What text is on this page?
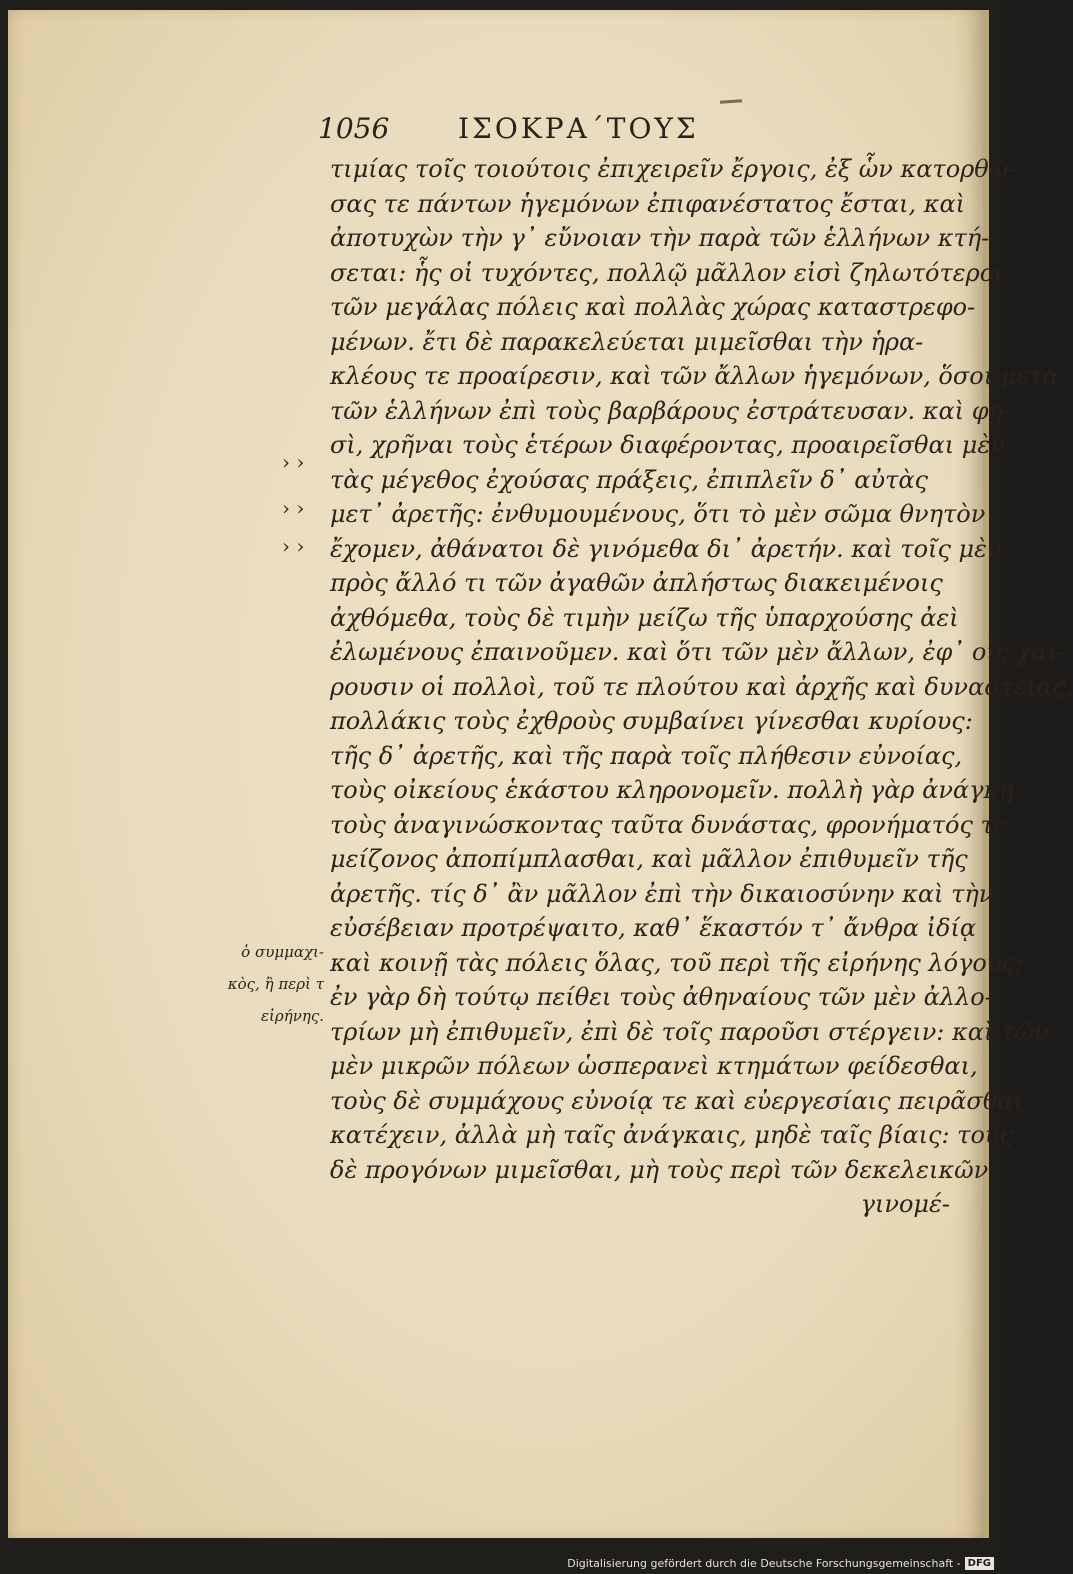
1056 ΙΣΟΚΡΑ΄ΤΟΥΣ
› ›
› ›
› ›
ὁ συμμαχι-
κὸς, ἢ περὶ τ
εἰρήνης.
τιμίας τοῖς τοιούτοις ἐπιχειρεῖν ἔργοις, ἐξ ὧν κατορθώ-
σας τε πάντων ἡγεμόνων ἐπιφανέστατος ἔσται, καὶ
ἀποτυχὼν τὴν γ᾽ εὔνοιαν τὴν παρὰ τῶν ἑλλήνων κτή-
σεται: ἧς οἱ τυχόντες, πολλῷ μᾶλλον εἰσὶ ζηλωτότεροι
τῶν μεγάλας πόλεις καὶ πολλὰς χώρας καταστρεφο-
μένων. ἔτι δὲ παρακελεύεται μιμεῖσθαι τὴν ἡρα-
κλέους τε προαίρεσιν, καὶ τῶν ἄλλων ἡγεμόνων, ὅσοι μετὰ
τῶν ἑλλήνων ἐπὶ τοὺς βαρβάρους ἐστράτευσαν. καὶ φη-
σὶ, χρῆναι τοὺς ἑτέρων διαφέροντας, προαιρεῖσθαι μὲν
τὰς μέγεθος ἐχούσας πράξεις, ἐπιπλεῖν δ᾽ αὐτὰς
μετ᾽ ἀρετῆς: ἐνθυμουμένους, ὅτι τὸ μὲν σῶμα θνητὸν
ἔχομεν, ἀθάνατοι δὲ γινόμεθα δι᾽ ἀρετήν. καὶ τοῖς μὲν
πρὸς ἄλλό τι τῶν ἀγαθῶν ἀπλήστως διακειμένοις
ἀχθόμεθα, τοὺς δὲ τιμὴν μείζω τῆς ὑπαρχούσης ἀεὶ
ἐλωμένους ἐπαινοῦμεν. καὶ ὅτι τῶν μὲν ἄλλων, ἐφ᾽ οἷς χαί-
ρουσιν οἱ πολλοὶ, τοῦ τε πλούτου καὶ ἀρχῆς καὶ δυναστείας,
πολλάκις τοὺς ἐχθροὺς συμβαίνει γίνεσθαι κυρίους:
τῆς δ᾽ ἀρετῆς, καὶ τῆς παρὰ τοῖς πλήθεσιν εὐνοίας,
τοὺς οἰκείους ἑκάστου κληρονομεῖν. πολλὴ γὰρ ἀνάγκη
τοὺς ἀναγινώσκοντας ταῦτα δυνάστας, φρονήματός τε
μείζονος ἀποπίμπλασθαι, καὶ μᾶλλον ἐπιθυμεῖν τῆς
ἀρετῆς. τίς δ᾽ ἂν μᾶλλον ἐπὶ τὴν δικαιοσύνην καὶ τὴν
εὐσέβειαν προτρέψαιτο, καθ᾽ ἕκαστόν τ᾽ ἄνθρα ἰδίᾳ
καὶ κοινῇ τὰς πόλεις ὅλας, τοῦ περὶ τῆς εἰρήνης λόγους;
ἐν γὰρ δὴ τούτῳ πείθει τοὺς ἀθηναίους τῶν μὲν ἀλλο-
τρίων μὴ ἐπιθυμεῖν, ἐπὶ δὲ τοῖς παροῦσι στέργειν: καὶ τῶν
μὲν μικρῶν πόλεων ὡσπερανεὶ κτημάτων φείδεσθαι,
τοὺς δὲ συμμάχους εὐνοίᾳ τε καὶ εὐεργεσίαις πειρᾶσθαι
κατέχειν, ἀλλὰ μὴ ταῖς ἀνάγκαις, μηδὲ ταῖς βίαις: τοὺς
δὲ προγόνων μιμεῖσθαι, μὴ τοὺς περὶ τῶν δεκελεικῶν
γινομέ-
Digitalisierung gefördert durch die Deutsche Forschungsgemeinschaft - DFG
